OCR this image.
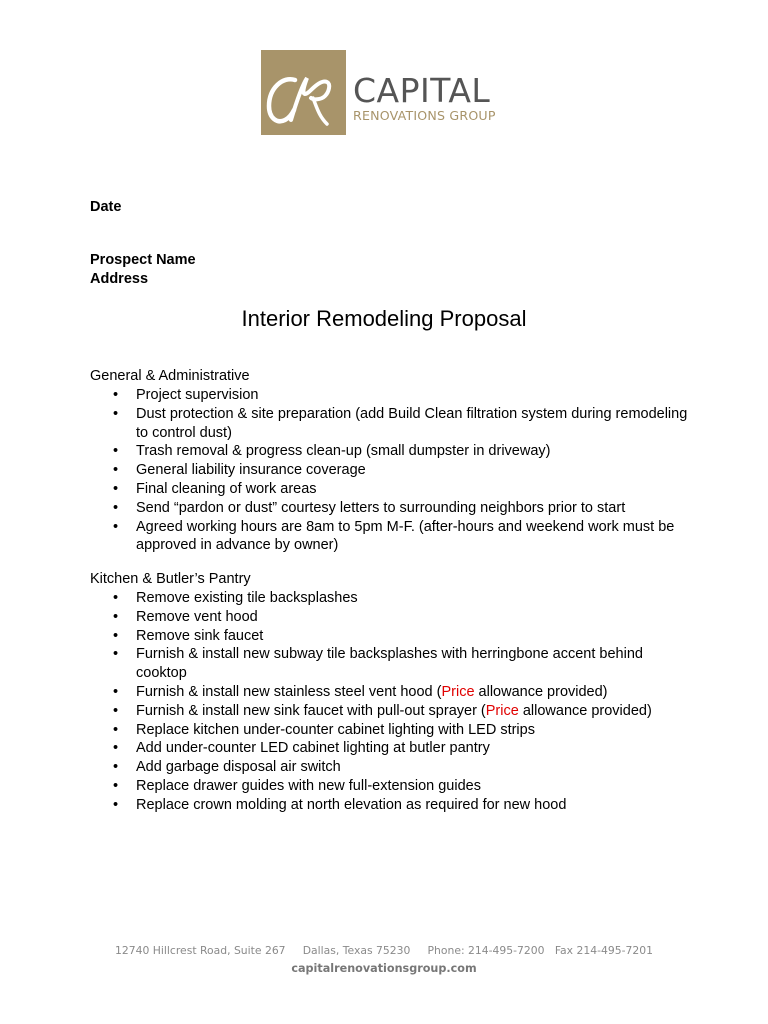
CAPITAL
RENOVATIONS GROUP
Date
Prospect Name
Address
Interior Remodeling Proposal
General & Administrative
• Project supervision
• Dust protection & site preparation (add Build Clean filtration system during remodeling to control dust)
• Trash removal & progress clean-up (small dumpster in driveway)
• General liability insurance coverage
• Final cleaning of work areas
• Send “pardon or dust” courtesy letters to surrounding neighbors prior to start
• Agreed working hours are 8am to 5pm M-F. (after-hours and weekend work must be approved in advance by owner)
Kitchen & Butler’s Pantry
• Remove existing tile backsplashes
• Remove vent hood
• Remove sink faucet
• Furnish & install new subway tile backsplashes with herringbone accent behind cooktop
• Furnish & install new stainless steel vent hood (Price allowance provided)
• Furnish & install new sink faucet with pull-out sprayer (Price allowance provided)
• Replace kitchen under-counter cabinet lighting with LED strips
• Add under-counter LED cabinet lighting at butler pantry
• Add garbage disposal air switch
• Replace drawer guides with new full-extension guides
• Replace crown molding at north elevation as required for new hood
12740 Hillcrest Road, Suite 267     Dallas, Texas 75230     Phone: 214-495-7200   Fax 214-495-7201
capitalrenovationsgroup.com
